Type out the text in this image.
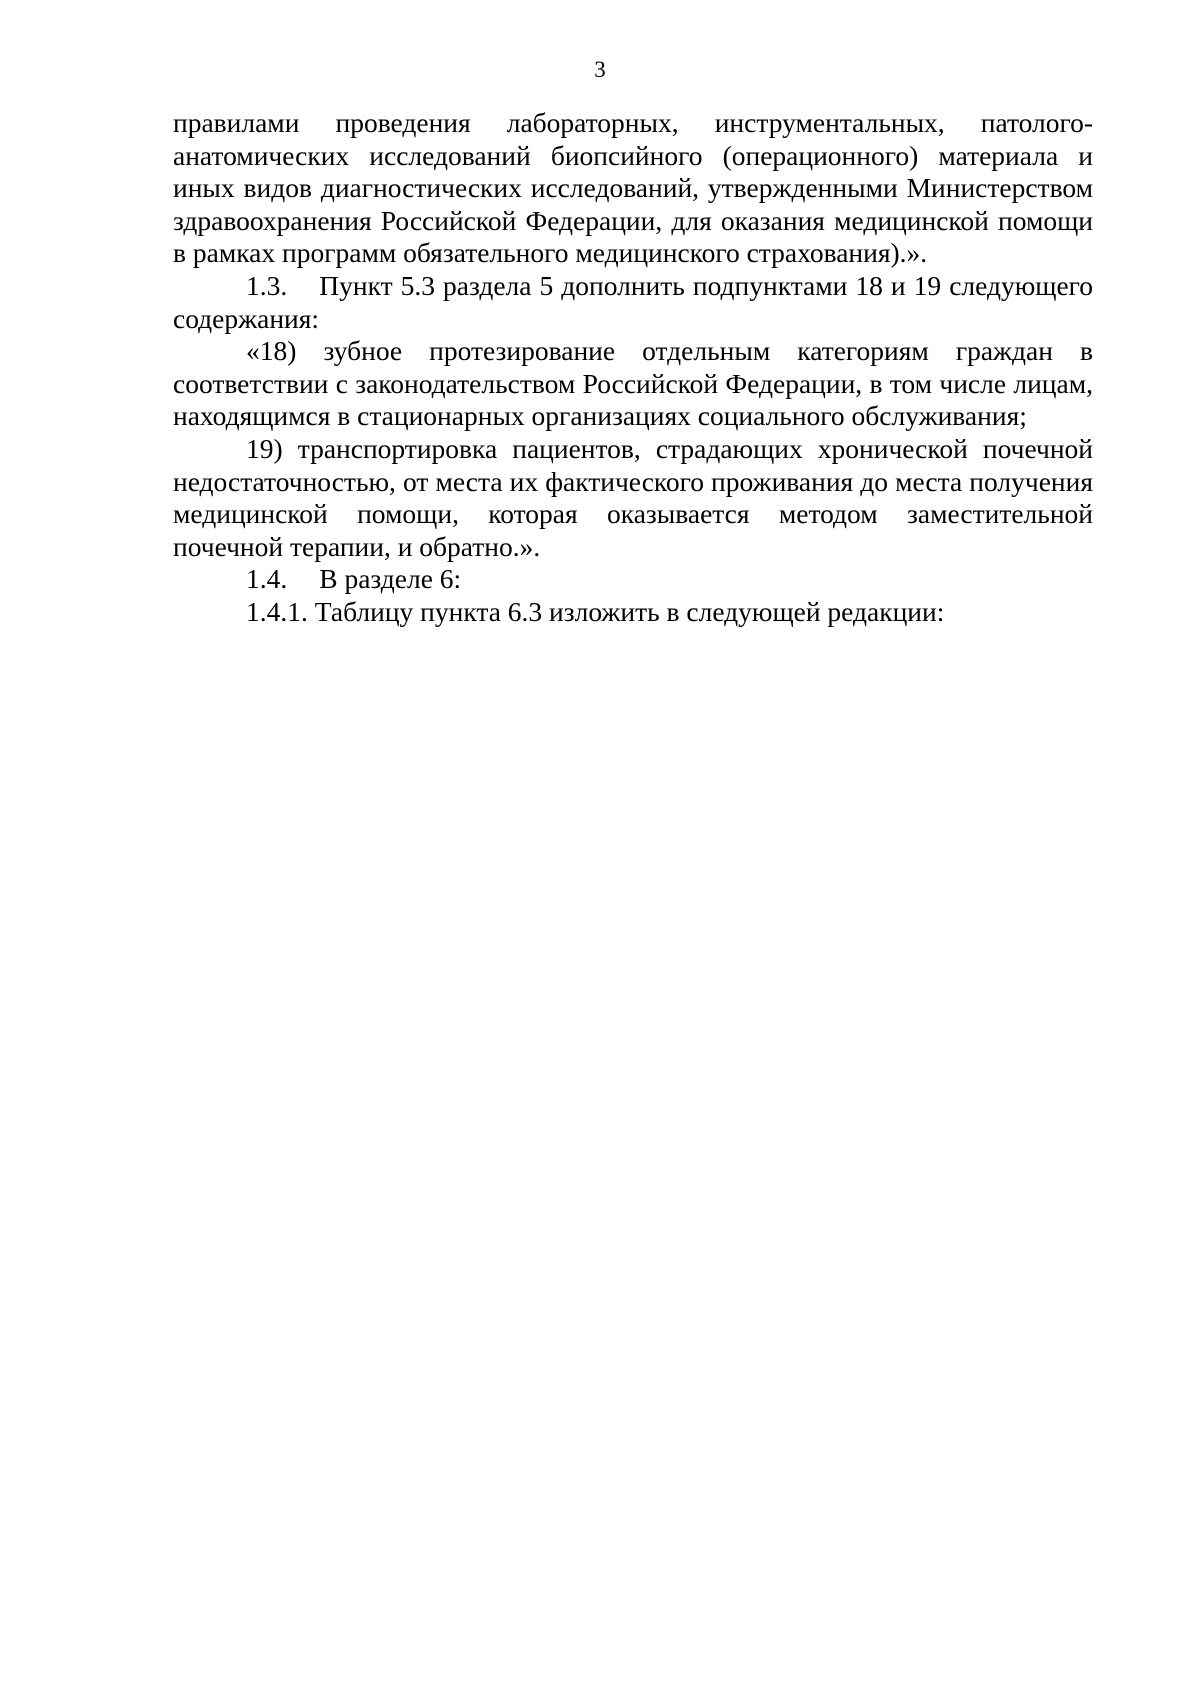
3

правилами проведения лабораторных, инструментальных, патолого-анатомических исследований биопсийного (операционного) материала и иных видов диагностических исследований, утвержденными Министерством здравоохранения Российской Федерации, для оказания медицинской помощи в рамках программ обязательного медицинского страхования).».

1.3. Пункт 5.3 раздела 5 дополнить подпунктами 18 и 19 следующего содержания:

«18) зубное протезирование отдельным категориям граждан в соответствии с законодательством Российской Федерации, в том числе лицам, находящимся в стационарных организациях социального обслуживания;

19) транспортировка пациентов, страдающих хронической почечной недостаточностью, от места их фактического проживания до места получения медицинской помощи, которая оказывается методом заместительной почечной терапии, и обратно.».

1.4. В разделе 6:

1.4.1. Таблицу пункта 6.3 изложить в следующей редакции:
